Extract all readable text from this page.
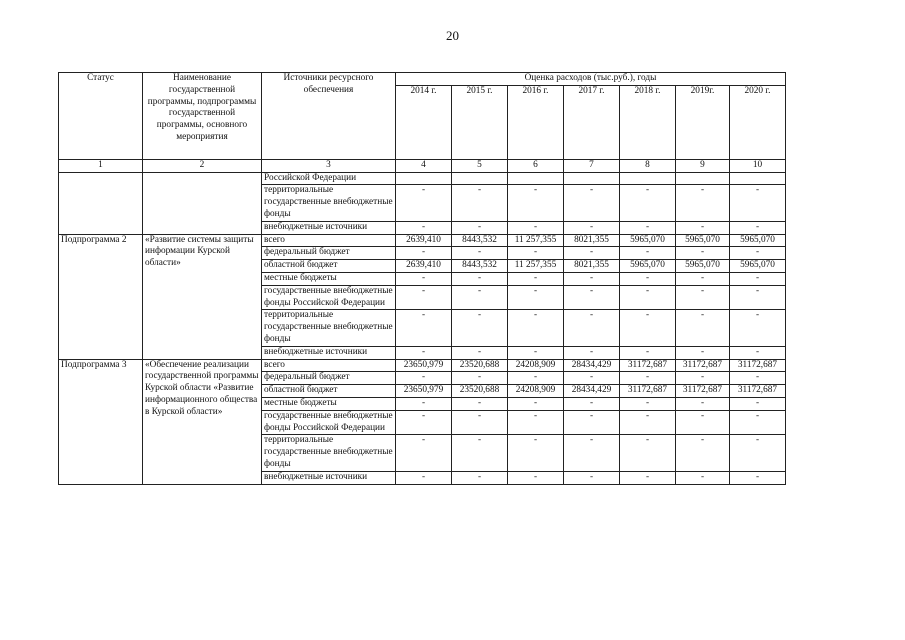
20
Статус	Наименование государственной программы, подпрограммы государственной программы, основного мероприятия	Источники ресурсного обеспечения	Оценка расходов (тыс.руб.), годы						
			2014 г.	2015 г.	2016 г.	2017 г.	2018 г.	2019г.	2020 г.
1	2	3	4	5	6	7	8	9	10
		Российской Федерации							
		территориальные государственные внебюджетные фонды	-	-	-	-	-	-	-
		внебюджетные источники	-	-	-	-	-	-	-
Подпрограмма 2	«Развитие системы защиты информации Курской области»	всего	2639,410	8443,532	11 257,355	8021,355	5965,070	5965,070	5965,070
		федеральный бюджет	-	-	-	-	-	-	-
		областной бюджет	2639,410	8443,532	11 257,355	8021,355	5965,070	5965,070	5965,070
		местные бюджеты	-	-	-	-	-	-	-
		государственные внебюджетные фонды Российской Федерации	-	-	-	-	-	-	-
		территориальные государственные внебюджетные фонды	-	-	-	-	-	-	-
		внебюджетные источники	-	-	-	-	-	-	-
Подпрограмма 3	«Обеспечение реализации государственной программы Курской области «Развитие информационного общества в Курской области»	всего	23650,979	23520,688	24208,909	28434,429	31172,687	31172,687	31172,687
		федеральный бюджет	-	-	-	-	-	-	-
		областной бюджет	23650,979	23520,688	24208,909	28434,429	31172,687	31172,687	31172,687
		местные бюджеты	-	-	-	-	-	-	-
		государственные внебюджетные фонды Российской Федерации	-	-	-	-	-	-	-
		территориальные государственные внебюджетные фонды	-	-	-	-	-	-	-
		внебюджетные источники	-	-	-	-	-	-	-
